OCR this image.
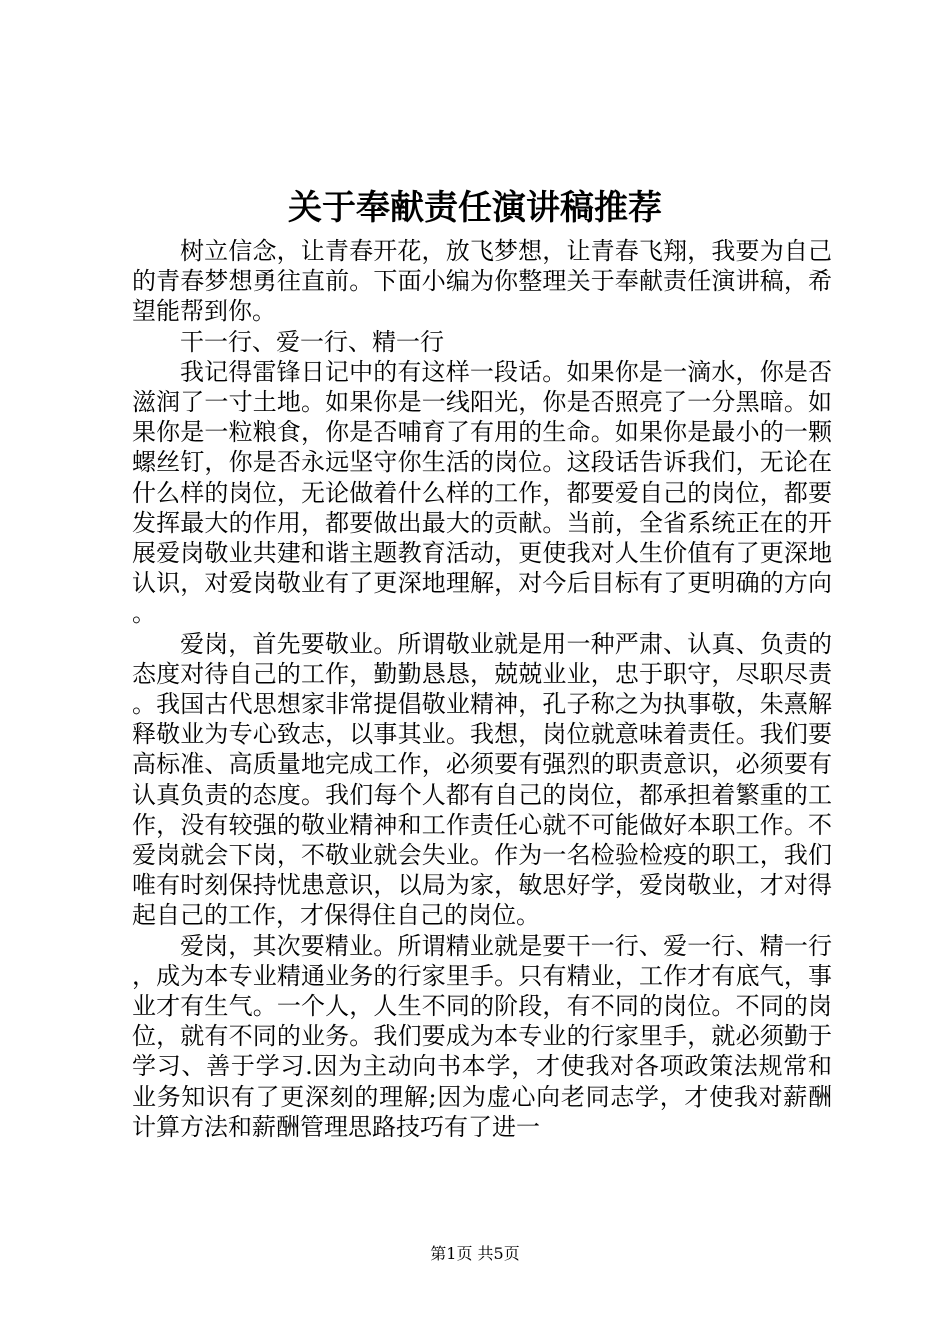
关于奉献责任演讲稿推荐

树立信念，让青春开花，放飞梦想，让青春飞翔，我要为自己的青春梦想勇往直前。下面小编为你整理关于奉献责任演讲稿，希望能帮到你。

干一行、爱一行、精一行

我记得雷锋日记中的有这样一段话。如果你是一滴水，你是否滋润了一寸土地。如果你是一线阳光，你是否照亮了一分黑暗。如果你是一粒粮食，你是否哺育了有用的生命。如果你是最小的一颗螺丝钉，你是否永远坚守你生活的岗位。这段话告诉我们，无论在什么样的岗位，无论做着什么样的工作，都要爱自己的岗位，都要发挥最大的作用，都要做出最大的贡献。当前，全省系统正在的开展爱岗敬业共建和谐主题教育活动，更使我对人生价值有了更深地认识，对爱岗敬业有了更深地理解，对今后目标有了更明确的方向。

爱岗，首先要敬业。所谓敬业就是用一种严肃、认真、负责的态度对待自己的工作，勤勤恳恳，兢兢业业，忠于职守，尽职尽责。我国古代思想家非常提倡敬业精神，孔子称之为执事敬，朱熹解释敬业为专心致志，以事其业。我想，岗位就意味着责任。我们要高标准、高质量地完成工作，必须要有强烈的职责意识，必须要有认真负责的态度。我们每个人都有自己的岗位，都承担着繁重的工作，没有较强的敬业精神和工作责任心就不可能做好本职工作。不爱岗就会下岗，不敬业就会失业。作为一名检验检疫的职工，我们唯有时刻保持忧患意识，以局为家，敏思好学，爱岗敬业，才对得起自己的工作，才保得住自己的岗位。

爱岗，其次要精业。所谓精业就是要干一行、爱一行、精一行，成为本专业精通业务的行家里手。只有精业，工作才有底气，事业才有生气。一个人，人生不同的阶段，有不同的岗位。不同的岗位，就有不同的业务。我们要成为本专业的行家里手，就必须勤于学习、善于学习.因为主动向书本学，才使我对各项政策法规常和业务知识有了更深刻的理解;因为虚心向老同志学，才使我对薪酬计算方法和薪酬管理思路技巧有了进一

第1页 共5页
